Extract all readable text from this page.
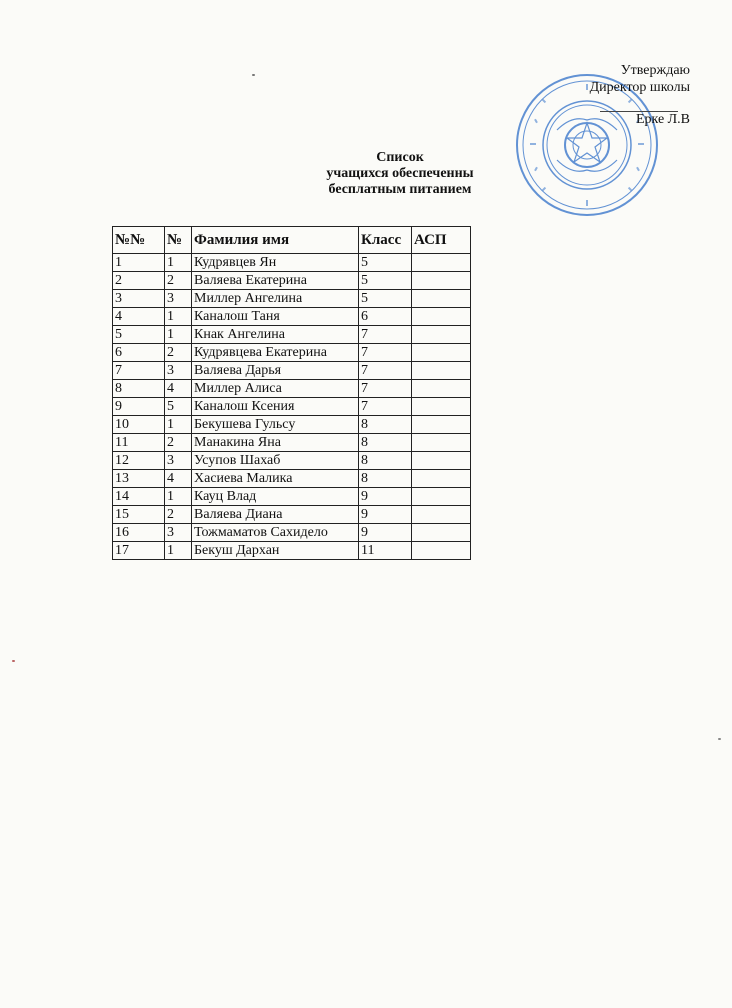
Утверждаю
Директор школы
Ерке Л.В
Список
учащихся обеспеченны
бесплатным питанием
№№	№	Фамилия имя	Класс	АСП
1	1	Кудрявцев Ян	5	
2	2	Валяева Екатерина	5	
3	3	Миллер Ангелина	5	
4	1	Каналош Таня	6	
5	1	Кнак Ангелина	7	
6	2	Кудрявцева Екатерина	7	
7	3	Валяева Дарья	7	
8	4	Миллер Алиса	7	
9	5	Каналош Ксения	7	
10	1	Бекушева Гульсу	8	
11	2	Манакина Яна	8	
12	3	Усупов Шахаб	8	
13	4	Хасиева Малика	8	
14	1	Кауц Влад	9	
15	2	Валяева Диана	9	
16	3	Тожмаматов Сахидело	9	
17	1	Бекуш Дархан	11	
